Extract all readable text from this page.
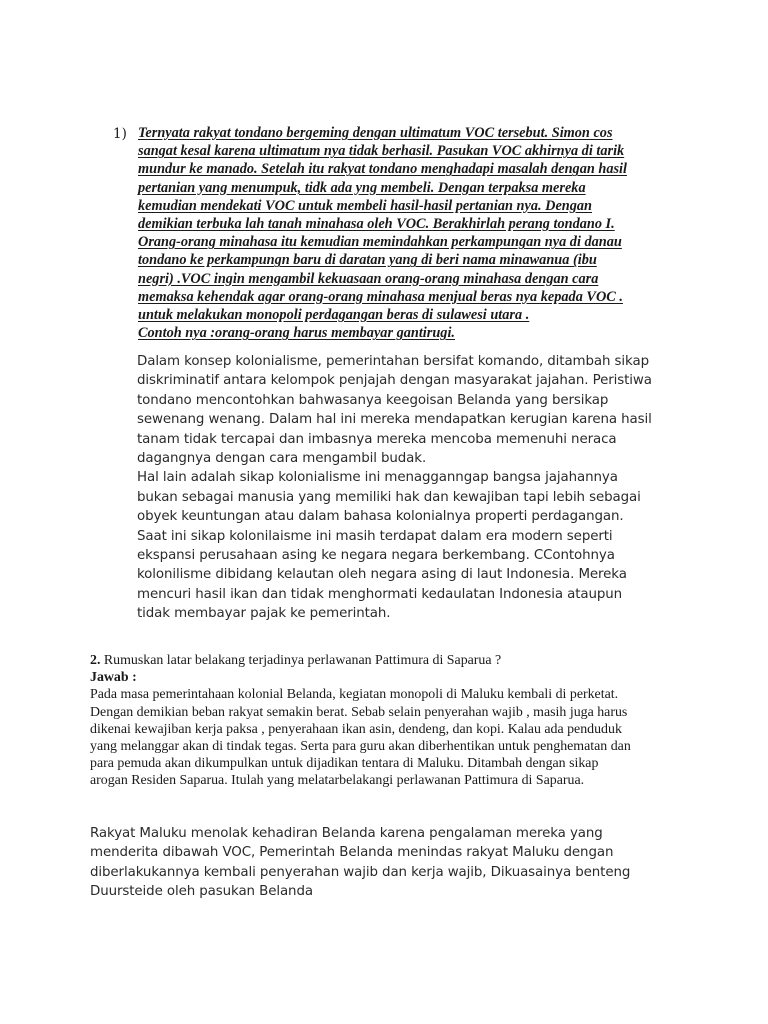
1) Ternyata rakyat tondano bergeming dengan ultimatum VOC tersebut. Simon cos
sangat kesal karena ultimatum nya tidak berhasil. Pasukan VOC akhirnya di tarik
mundur ke manado. Setelah itu rakyat tondano menghadapi masalah dengan hasil
pertanian yang menumpuk, tidk ada yng membeli. Dengan terpaksa mereka
kemudian mendekati VOC untuk membeli hasil-hasil pertanian nya. Dengan
demikian terbuka lah tanah minahasa oleh VOC. Berakhirlah perang tondano I.
Orang-orang minahasa itu kemudian memindahkan perkampungan nya di danau
tondano ke perkampungn baru di daratan yang di beri nama minawanua (ibu
negri) .VOC ingin mengambil kekuasaan orang-orang minahasa dengan cara
memaksa kehendak agar orang-orang minahasa menjual beras nya kepada VOC .
untuk melakukan monopoli perdagangan beras di sulawesi utara .
Contoh nya :orang-orang harus membayar gantirugi.
Dalam konsep kolonialisme, pemerintahan bersifat komando, ditambah sikap
diskriminatif antara kelompok penjajah dengan masyarakat jajahan. Peristiwa
tondano mencontohkan bahwasanya keegoisan Belanda yang bersikap
sewenang wenang. Dalam hal ini mereka mendapatkan kerugian karena hasil
tanam tidak tercapai dan imbasnya mereka mencoba memenuhi neraca
dagangnya dengan cara mengambil budak.
Hal lain adalah sikap kolonialisme ini menagganngap bangsa jajahannya
bukan sebagai manusia yang memiliki hak dan kewajiban tapi lebih sebagai
obyek keuntungan atau dalam bahasa kolonialnya properti perdagangan.
Saat ini sikap kolonilaisme ini masih terdapat dalam era modern seperti
ekspansi perusahaan asing ke negara negara berkembang. CContohnya
kolonilisme dibidang kelautan oleh negara asing di laut Indonesia. Mereka
mencuri hasil ikan dan tidak menghormati kedaulatan Indonesia ataupun
tidak membayar pajak ke pemerintah.
2. Rumuskan latar belakang terjadinya perlawanan Pattimura di Saparua ?
Jawab :
Pada masa pemerintahaan kolonial Belanda, kegiatan monopoli di Maluku kembali di perketat.
Dengan demikian beban rakyat semakin berat. Sebab selain penyerahan wajib , masih juga harus
dikenai kewajiban kerja paksa , penyerahaan ikan asin, dendeng, dan kopi. Kalau ada penduduk
yang melanggar akan di tindak tegas. Serta para guru akan diberhentikan untuk penghematan dan
para pemuda akan dikumpulkan untuk dijadikan tentara di Maluku. Ditambah dengan sikap
arogan Residen Saparua. Itulah yang melatarbelakangi perlawanan Pattimura di Saparua.
Rakyat Maluku menolak kehadiran Belanda karena pengalaman mereka yang
menderita dibawah VOC, Pemerintah Belanda menindas rakyat Maluku dengan
diberlakukannya kembali penyerahan wajib dan kerja wajib, Dikuasainya benteng
Duursteide oleh pasukan Belanda
